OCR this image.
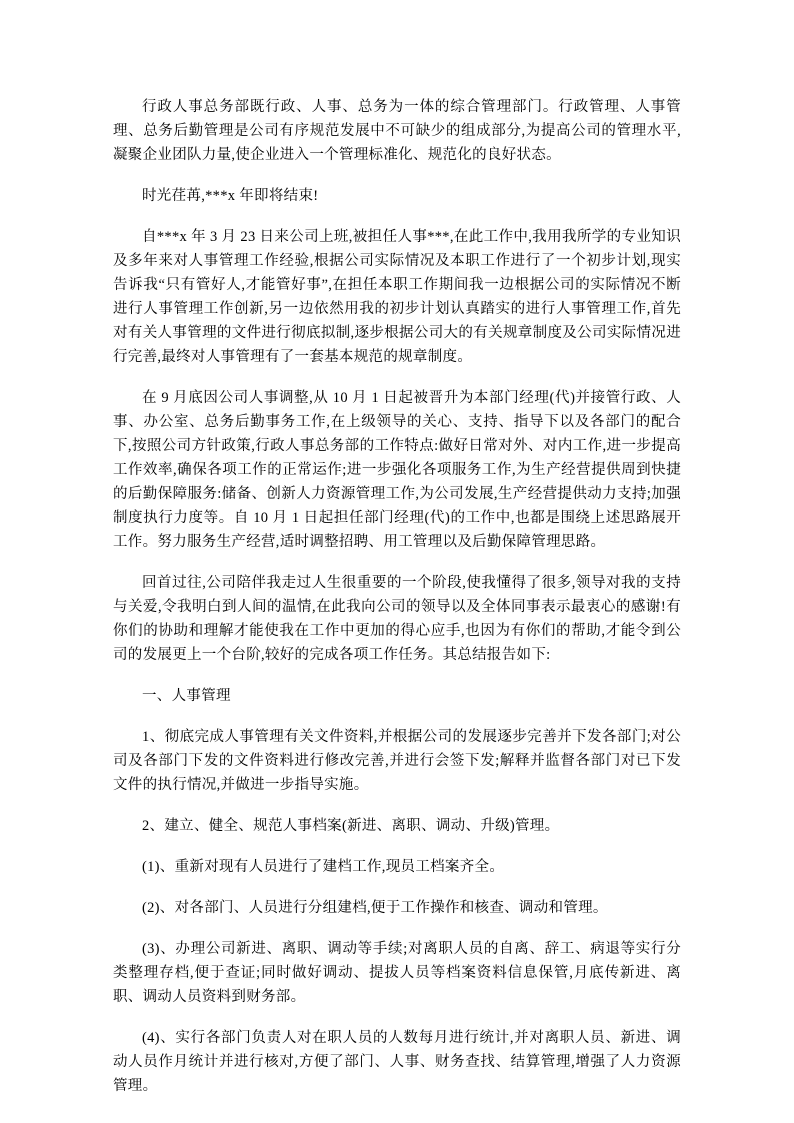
行政人事总务部既行政、人事、总务为一体的综合管理部门。行政管理、人事管理、总务后勤管理是公司有序规范发展中不可缺少的组成部分,为提高公司的管理水平,凝聚企业团队力量,使企业进入一个管理标准化、规范化的良好状态。

时光荏苒,***x 年即将结束!

自***x 年 3 月 23 日来公司上班,被担任人事***,在此工作中,我用我所学的专业知识及多年来对人事管理工作经验,根据公司实际情况及本职工作进行了一个初步计划,现实告诉我“只有管好人,才能管好事”,在担任本职工作期间我一边根据公司的实际情况不断进行人事管理工作创新,另一边依然用我的初步计划认真踏实的进行人事管理工作,首先对有关人事管理的文件进行彻底拟制,逐步根据公司大的有关规章制度及公司实际情况进行完善,最终对人事管理有了一套基本规范的规章制度。

在 9 月底因公司人事调整,从 10 月 1 日起被晋升为本部门经理(代)并接管行政、人事、办公室、总务后勤事务工作,在上级领导的关心、支持、指导下以及各部门的配合下,按照公司方针政策,行政人事总务部的工作特点:做好日常对外、对内工作,进一步提高工作效率,确保各项工作的正常运作;进一步强化各项服务工作,为生产经营提供周到快捷的后勤保障服务:储备、创新人力资源管理工作,为公司发展,生产经营提供动力支持;加强制度执行力度等。自 10 月 1 日起担任部门经理(代)的工作中,也都是围绕上述思路展开工作。努力服务生产经营,适时调整招聘、用工管理以及后勤保障管理思路。

回首过往,公司陪伴我走过人生很重要的一个阶段,使我懂得了很多,领导对我的支持与关爱,令我明白到人间的温情,在此我向公司的领导以及全体同事表示最衷心的感谢!有你们的协助和理解才能使我在工作中更加的得心应手,也因为有你们的帮助,才能令到公司的发展更上一个台阶,较好的完成各项工作任务。其总结报告如下:

一、人事管理

1、彻底完成人事管理有关文件资料,并根据公司的发展逐步完善并下发各部门;对公司及各部门下发的文件资料进行修改完善,并进行会签下发;解释并监督各部门对已下发文件的执行情况,并做进一步指导实施。

2、建立、健全、规范人事档案(新进、离职、调动、升级)管理。

(1)、重新对现有人员进行了建档工作,现员工档案齐全。

(2)、对各部门、人员进行分组建档,便于工作操作和核查、调动和管理。

(3)、办理公司新进、离职、调动等手续;对离职人员的自离、辞工、病退等实行分类整理存档,便于查证;同时做好调动、提拔人员等档案资料信息保管,月底传新进、离职、调动人员资料到财务部。

(4)、实行各部门负责人对在职人员的人数每月进行统计,并对离职人员、新进、调动人员作月统计并进行核对,方便了部门、人事、财务查找、结算管理,增强了人力资源管理。
